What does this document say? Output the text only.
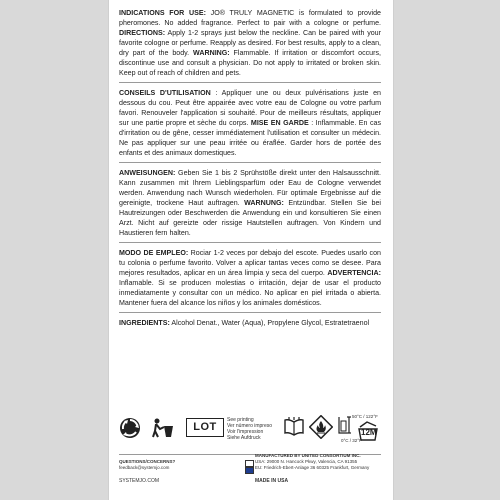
INDICATIONS FOR USE: JO® TRULY MAGNETIC is formulated to provide pheromones. No added fragrance. Perfect to pair with a cologne or perfume. DIRECTIONS: Apply 1-2 sprays just below the neckline. Can be paired with your favorite cologne or perfume. Reapply as desired. For best results, apply to a clean, dry part of the body. WARNING: Flammable. If irritation or discomfort occurs, discontinue use and consult a physician. Do not apply to irritated or broken skin. Keep out of reach of children and pets.

CONSEILS D'UTILISATION : Appliquer une ou deux pulvérisations juste en dessous du cou. Peut être appairée avec votre eau de Cologne ou votre parfum favori. Renouveler l'application si souhaité. Pour de meilleurs résultats, appliquer sur une partie propre et sèche du corps. MISE EN GARDE : Inflammable. En cas d'irritation ou de gêne, cesser immédiatement l'utilisation et consulter un médecin. Ne pas appliquer sur une peau irritée ou éraflée. Garder hors de portée des enfants et des animaux domestiques.

ANWEISUNGEN: Geben Sie 1 bis 2 Sprühstöße direkt unter den Halsausschnitt. Kann zusammen mit Ihrem Lieblingsparfüm oder Eau de Cologne verwendet werden. Anwendung nach Wunsch wiederholen. Für optimale Ergebnisse auf die gereinigte, trockene Haut auftragen. WARNUNG: Entzündbar. Stellen Sie bei Hautreizungen oder Beschwerden die Anwendung ein und konsultieren Sie einen Arzt. Nicht auf gereizte oder rissige Hautstellen auftragen. Von Kindern und Haustieren fern halten.

MODO DE EMPLEO: Rociar 1-2 veces por debajo del escote. Puedes usarlo con tu colonia o perfume favorito. Volver a aplicar tantas veces como se desee. Para mejores resultados, aplicar en un área limpia y seca del cuerpo. ADVERTENCIA: Inflamable. Si se producen molestias o irritación, dejar de usar el producto inmediatamente y consultar con un médico. No aplicar en piel irritada o abierta. Mantener fuera del alcance los niños y los animales domésticos.

INGREDIENTS: Alcohol Denat., Water (Aqua), Propylene Glycol, Estratetraenol

LOT
See printing
Ver número impreso
Voir l'impression
Siehe Aufdruck
50°C / 122°F
0°C / 32°F
12M
QUESTIONS/CONCERNS?
feedback@systemjo.com
SYSTEMJO.COM
MANUFACTURED BY UNITED CONSORTIUM INC.
USA: 29000 N. Hancock Pkwy, Valencia, CA 91355
EU: Friedrich-Ebert-Anlage 36 60325 Frankfurt, Germany
MADE IN USA
